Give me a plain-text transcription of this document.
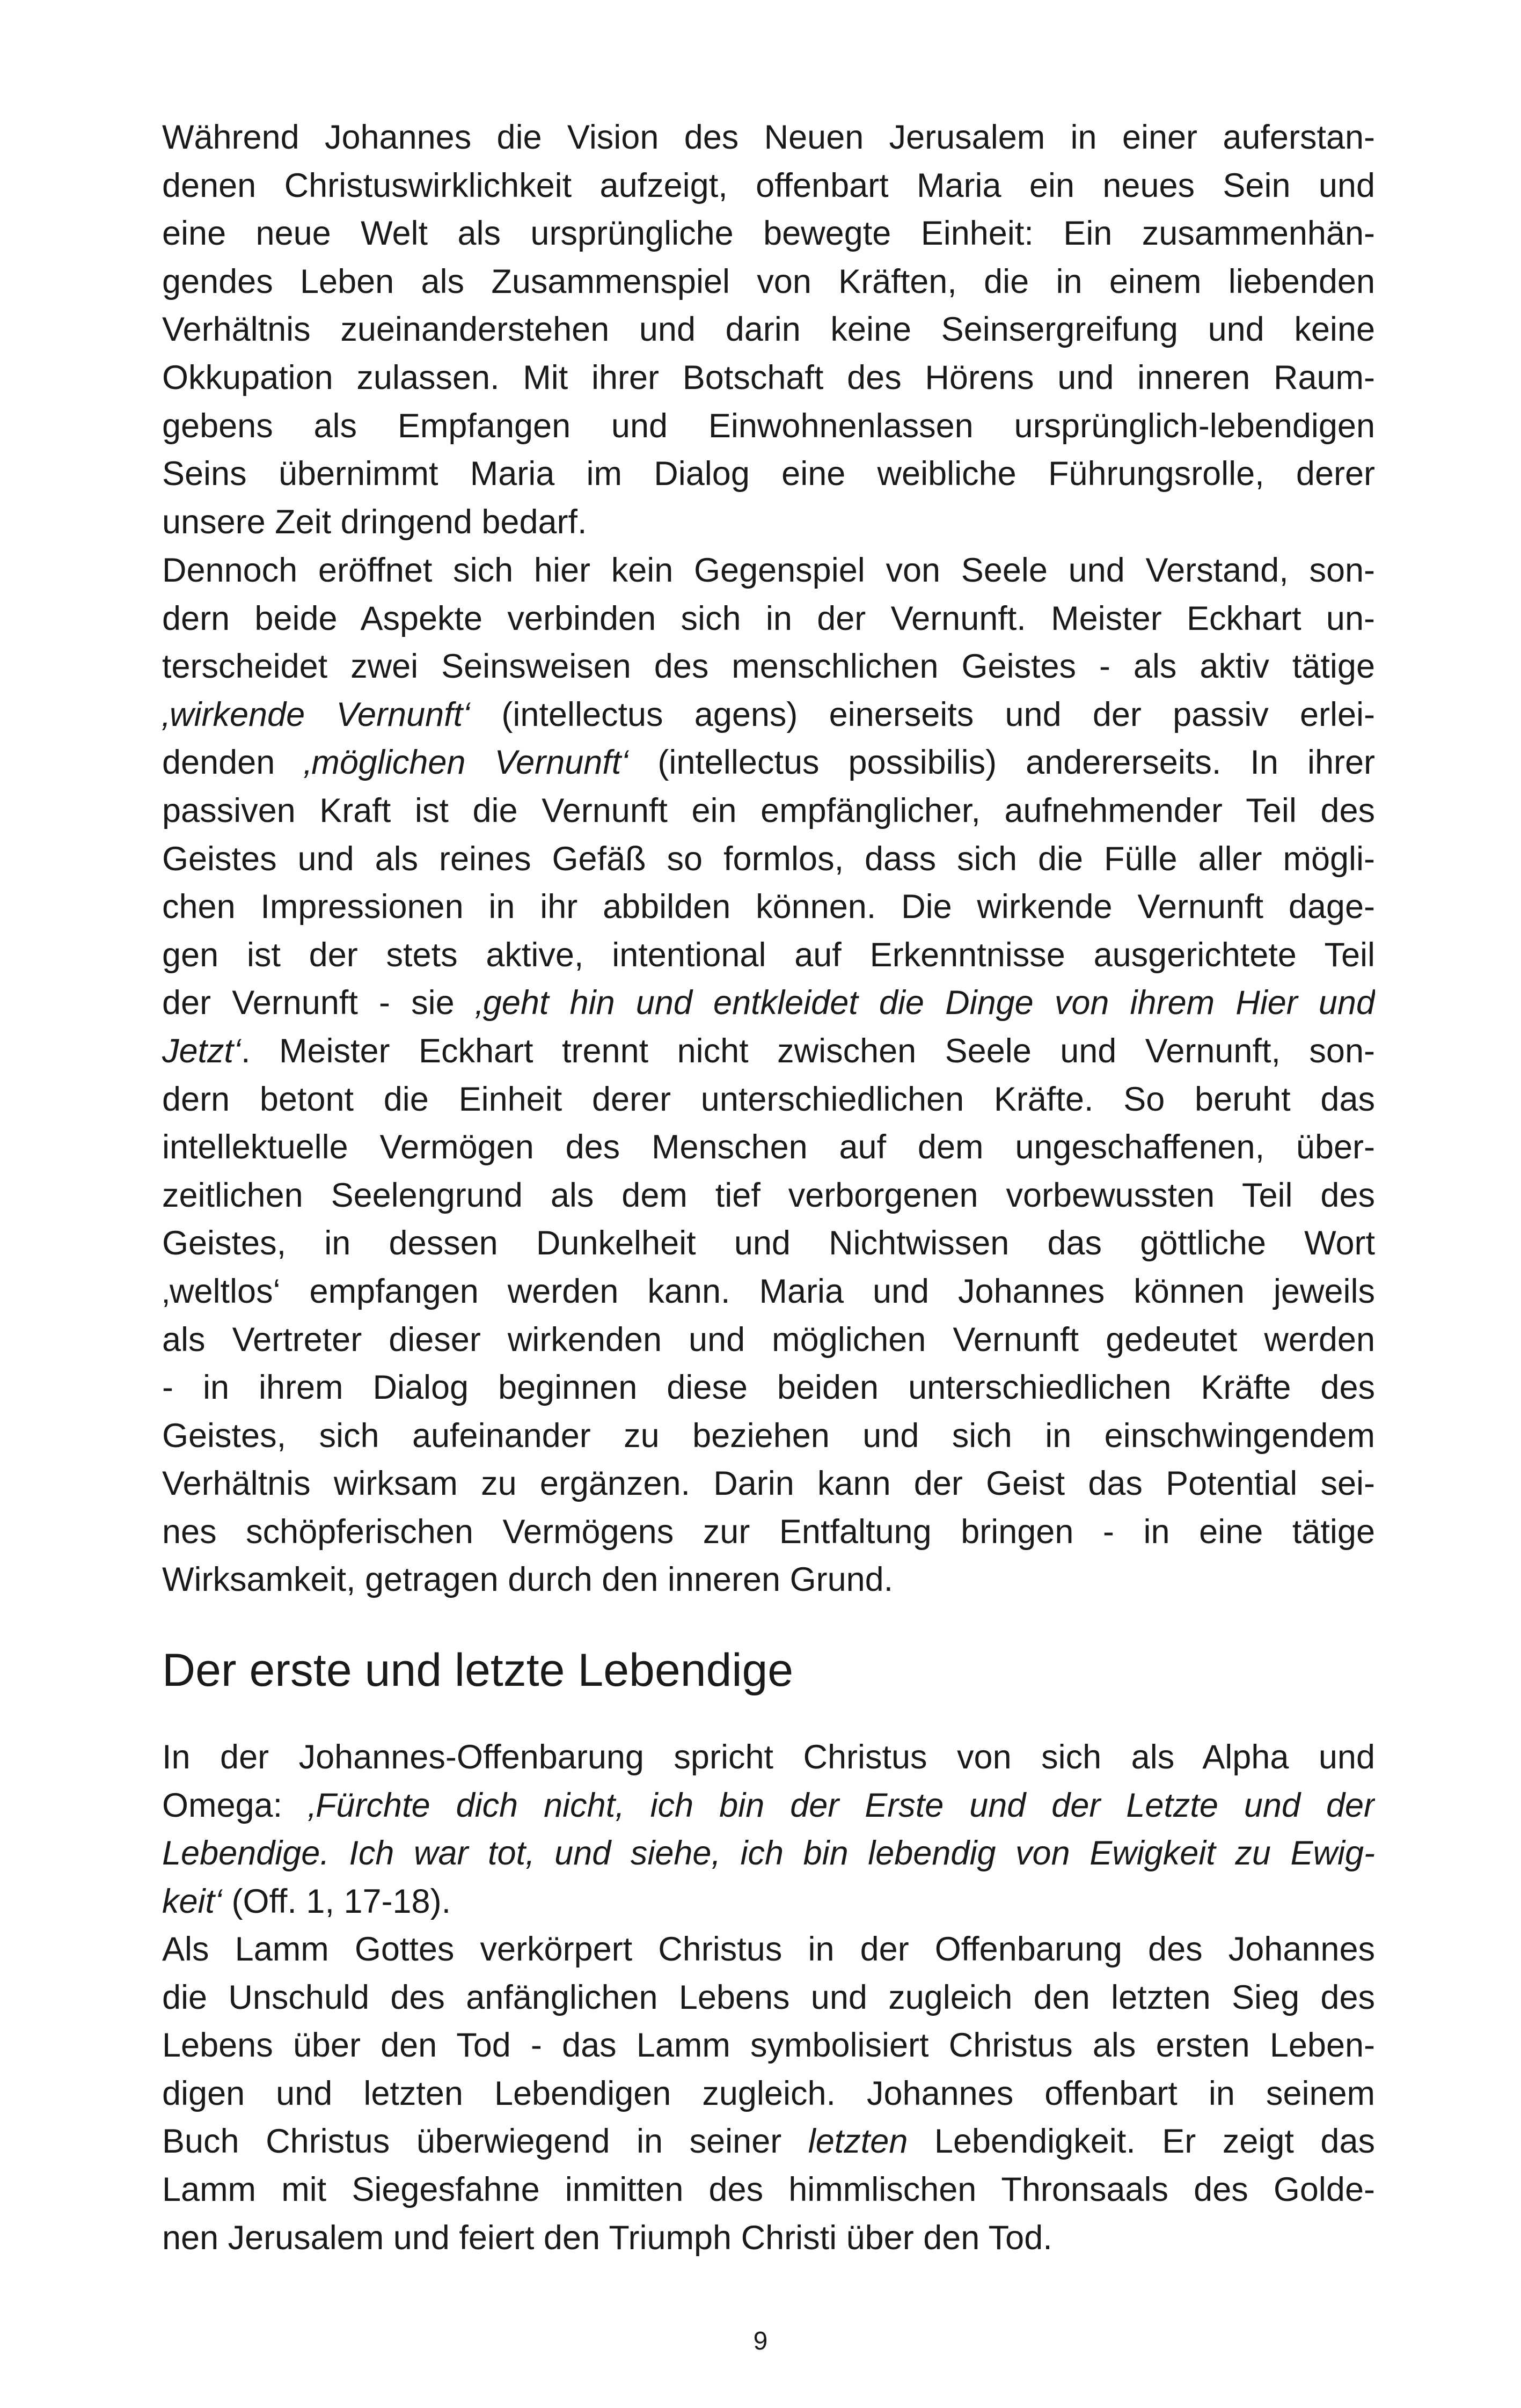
Während Johannes die Vision des Neuen Jerusalem in einer auferstan-
denen Christuswirklichkeit aufzeigt, offenbart Maria ein neues Sein und
eine neue Welt als ursprüngliche bewegte Einheit: Ein zusammenhän-
gendes Leben als Zusammenspiel von Kräften, die in einem liebenden
Verhältnis zueinanderstehen und darin keine Seinsergreifung und keine
Okkupation zulassen. Mit ihrer Botschaft des Hörens und inneren Raum-
gebens als Empfangen und Einwohnenlassen ursprünglich-lebendigen
Seins übernimmt Maria im Dialog eine weibliche Führungsrolle, derer
unsere Zeit dringend bedarf.
Dennoch eröffnet sich hier kein Gegenspiel von Seele und Verstand, son-
dern beide Aspekte verbinden sich in der Vernunft. Meister Eckhart un-
terscheidet zwei Seinsweisen des menschlichen Geistes - als aktiv tätige
‚wirkende Vernunft‘ (intellectus agens) einerseits und der passiv erlei-
denden ‚möglichen Vernunft‘ (intellectus possibilis) andererseits. In ihrer
passiven Kraft ist die Vernunft ein empfänglicher, aufnehmender Teil des
Geistes und als reines Gefäß so formlos, dass sich die Fülle aller mögli-
chen Impressionen in ihr abbilden können. Die wirkende Vernunft dage-
gen ist der stets aktive, intentional auf Erkenntnisse ausgerichtete Teil
der Vernunft - sie ‚geht hin und entkleidet die Dinge von ihrem Hier und
Jetzt‘. Meister Eckhart trennt nicht zwischen Seele und Vernunft, son-
dern betont die Einheit derer unterschiedlichen Kräfte. So beruht das
intellektuelle Vermögen des Menschen auf dem ungeschaffenen, über-
zeitlichen Seelengrund als dem tief verborgenen vorbewussten Teil des
Geistes, in dessen Dunkelheit und Nichtwissen das göttliche Wort
‚weltlos‘ empfangen werden kann. Maria und Johannes können jeweils
als Vertreter dieser wirkenden und möglichen Vernunft gedeutet werden
- in ihrem Dialog beginnen diese beiden unterschiedlichen Kräfte des
Geistes, sich aufeinander zu beziehen und sich in einschwingendem
Verhältnis wirksam zu ergänzen. Darin kann der Geist das Potential sei-
nes schöpferischen Vermögens zur Entfaltung bringen - in eine tätige
Wirksamkeit, getragen durch den inneren Grund.
Der erste und letzte Lebendige
In der Johannes-Offenbarung spricht Christus von sich als Alpha und
Omega: ‚Fürchte dich nicht, ich bin der Erste und der Letzte und der
Lebendige. Ich war tot, und siehe, ich bin lebendig von Ewigkeit zu Ewig-
keit‘ (Off. 1, 17-18).
Als Lamm Gottes verkörpert Christus in der Offenbarung des Johannes
die Unschuld des anfänglichen Lebens und zugleich den letzten Sieg des
Lebens über den Tod - das Lamm symbolisiert Christus als ersten Leben-
digen und letzten Lebendigen zugleich. Johannes offenbart in seinem
Buch Christus überwiegend in seiner letzten Lebendigkeit. Er zeigt das
Lamm mit Siegesfahne inmitten des himmlischen Thronsaals des Golde-
nen Jerusalem und feiert den Triumph Christi über den Tod.
9
